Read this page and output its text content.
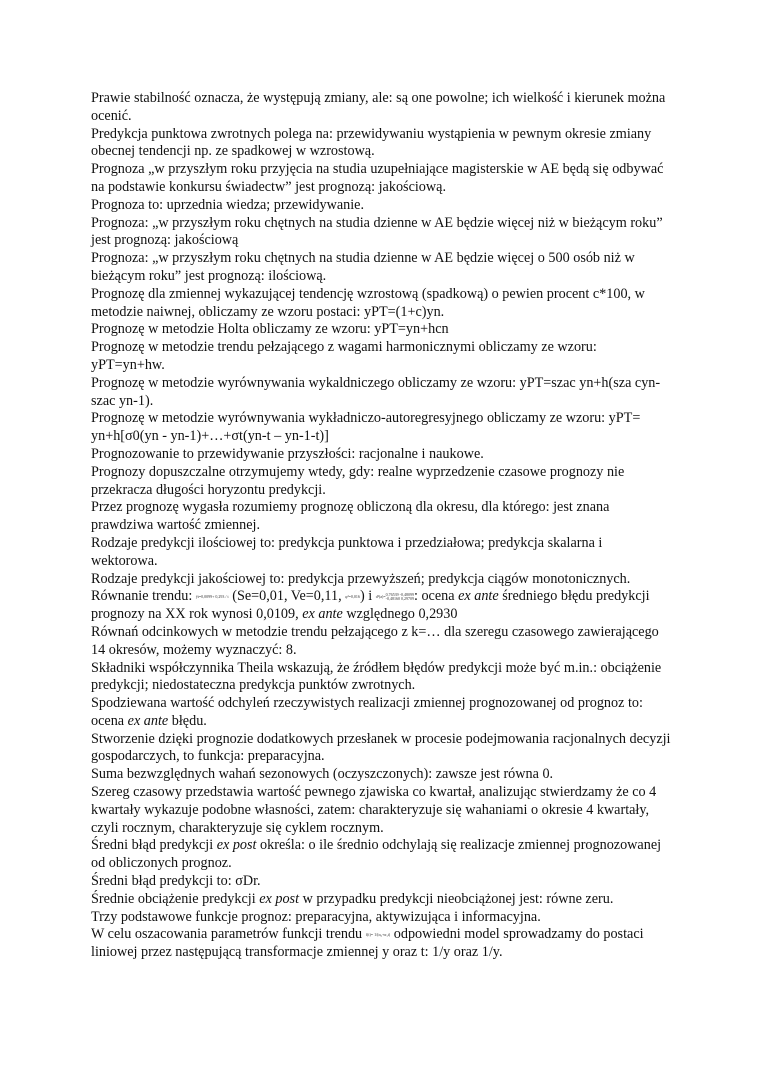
Prawie stabilność oznacza, że występują zmiany, ale: są one powolne; ich wielkość i kierunek można ocenić.

Predykcja punktowa zwrotnych polega na: przewidywaniu wystąpienia w pewnym okresie zmiany obecnej tendencji np. ze spadkowej w wzrostową.

Prognoza „w przyszłym roku przyjęcia na studia uzupełniające magisterskie w AE będą się odbywać na podstawie konkursu świadectw” jest prognozą: jakościową.

Prognoza to: uprzednia wiedza; przewidywanie.

Prognoza: „w przyszłym roku chętnych na studia dzienne w AE będzie więcej niż w bieżącym roku” jest prognozą: jakościową

Prognoza: „w przyszłym roku chętnych na studia dzienne w AE będzie więcej o 500 osób niż w bieżącym roku” jest prognozą: ilościową.

Prognozę dla zmiennej wykazującej tendencję wzrostową (spadkową) o pewien procent c*100, w metodzie naiwnej, obliczamy ze wzoru postaci: yPT=(1+c)yn.

Prognozę w metodzie Holta obliczamy ze wzoru: yPT=yn+hcn

Prognozę w metodzie trendu pełzającego z wagami harmonicznymi obliczamy ze wzoru: yPT=yn+hw.

Prognozę w metodzie wyrównywania wykaldniczego obliczamy ze wzoru: yPT=szac yn+h(sza cyn-szac yn-1).

Prognozę w metodzie wyrównywania wykładniczo-autoregresyjnego obliczamy ze wzoru: yPT= yn+h[σ0(yn - yn-1)+…+σt(yn-t – yn-1-t)]

Prognozowanie to przewidywanie przyszłości: racjonalne i naukowe.

Prognozy dopuszczalne otrzymujemy wtedy, gdy: realne wyprzedzenie czasowe prognozy nie przekracza długości horyzontu predykcji.

Przez prognozę wygasła rozumiemy prognozę obliczoną dla okresu, dla którego: jest znana prawdziwa wartość zmiennej.

Rodzaje predykcji ilościowej to: predykcja punktowa i przedziałowa; predykcja skalarna i wektorowa.

Rodzaje predykcji jakościowej to: predykcja przewyższeń; predykcja ciągów monotonicznych.

Równanie trendu: ŷt=0,0099+ 0,293 / t (Se=0,01, Ve=0,11, φ²=0,016) i d²(a)= 0,76539 -0,48099
-0,48160 0,29709 : ocena ex ante średniego błędu predykcji prognozy na XX rok wynosi 0,0109, ex ante względnego 0,2930

Równań odcinkowych w metodzie trendu pełzającego z k=… dla szeregu czasowego zawierającego 14 okresów, możemy wyznaczyć: 8.

Składniki współczynnika Theila wskazują, że źródłem błędów predykcji może być m.in.: obciążenie predykcji; niedostateczna predykcja punktów zwrotnych.

Spodziewana wartość odchyleń rzeczywistych realizacji zmiennej prognozowanej od prognoz to: ocena ex ante błędu.

Stworzenie dzięki prognozie dodatkowych przesłanek w procesie podejmowania racjonalnych decyzji gospodarczych, to funkcja: preparacyjna.

Suma bezwzględnych wahań sezonowych (oczyszczonych): zawsze jest równa 0.

Szereg czasowy przedstawia wartość pewnego zjawiska co kwartał, analizując stwierdzamy że co 4 kwartały wykazuje podobne własności, zatem: charakteryzuje się wahaniami o okresie 4 kwartały, czyli rocznym, charakteryzuje się cyklem rocznym.

Średni błąd predykcji ex post określa: o ile średnio odchylają się realizacje zmiennej prognozowanej od obliczonych prognoz.

Średni błąd predykcji to: σDr.

Średnie obciążenie predykcji ex post w przypadku predykcji nieobciążonej jest: równe zeru.

Trzy podstawowe funkcje prognoz: preparacyjna, aktywizująca i informacyjna.

W celu oszacowania parametrów funkcji trendu f(t)= 1/(α₀+α₁t) odpowiedni model sprowadzamy do postaci liniowej przez następującą transformacje zmiennej y oraz t: 1/y oraz 1/y.
